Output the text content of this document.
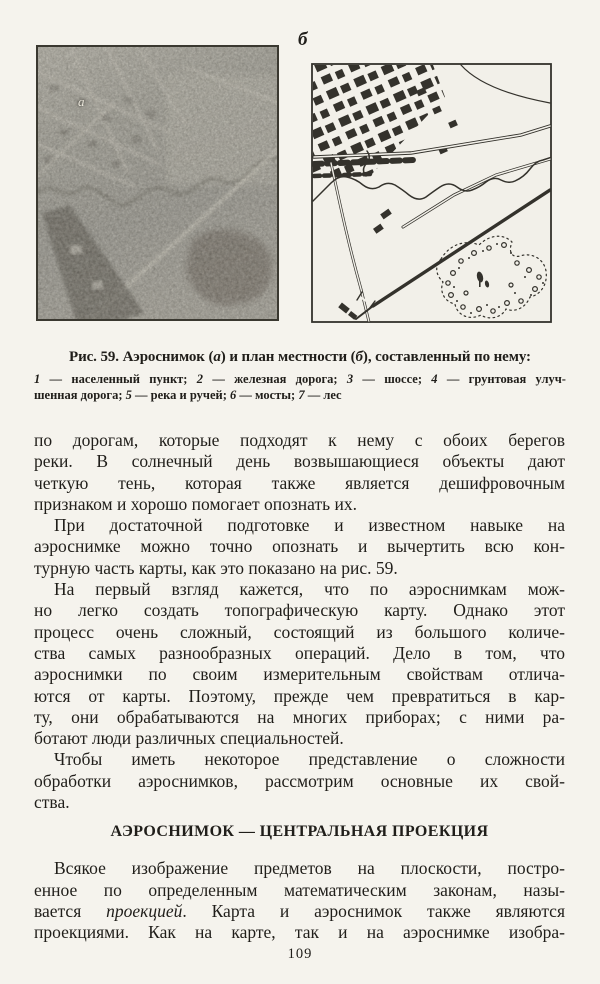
а
б
Рис. 59. Аэроснимок (а) и план местности (б), составленный по нему:
1 — населенный пункт; 2 — железная дорога; 3 — шоссе; 4 — грунтовая улуч-
шенная дорога; 5 — река и ручей; 6 — мосты; 7 — лес
по дорогам, которые подходят к нему с обоих берегов
реки. В солнечный день возвышающиеся объекты дают
четкую тень, которая также является дешифровочным
признаком и хорошо помогает опознать их.
При достаточной подготовке и известном навыке на
аэроснимке можно точно опознать и вычертить всю кон-
турную часть карты, как это показано на рис. 59.
На первый взгляд кажется, что по аэроснимкам мож-
но легко создать топографическую карту. Однако этот
процесс очень сложный, состоящий из большого количе-
ства самых разнообразных операций. Дело в том, что
аэроснимки по своим измерительным свойствам отлича-
ются от карты. Поэтому, прежде чем превратиться в кар-
ту, они обрабатываются на многих приборах; с ними ра-
ботают люди различных специальностей.
Чтобы иметь некоторое представление о сложности
обработки аэроснимков, рассмотрим основные их свой-
ства.
АЭРОСНИМОК — ЦЕНТРАЛЬНАЯ ПРОЕКЦИЯ
Всякое изображение предметов на плоскости, постро-
енное по определенным математическим законам, назы-
вается проекцией. Карта и аэроснимок также являются
проекциями. Как на карте, так и на аэроснимке изобра-
109
